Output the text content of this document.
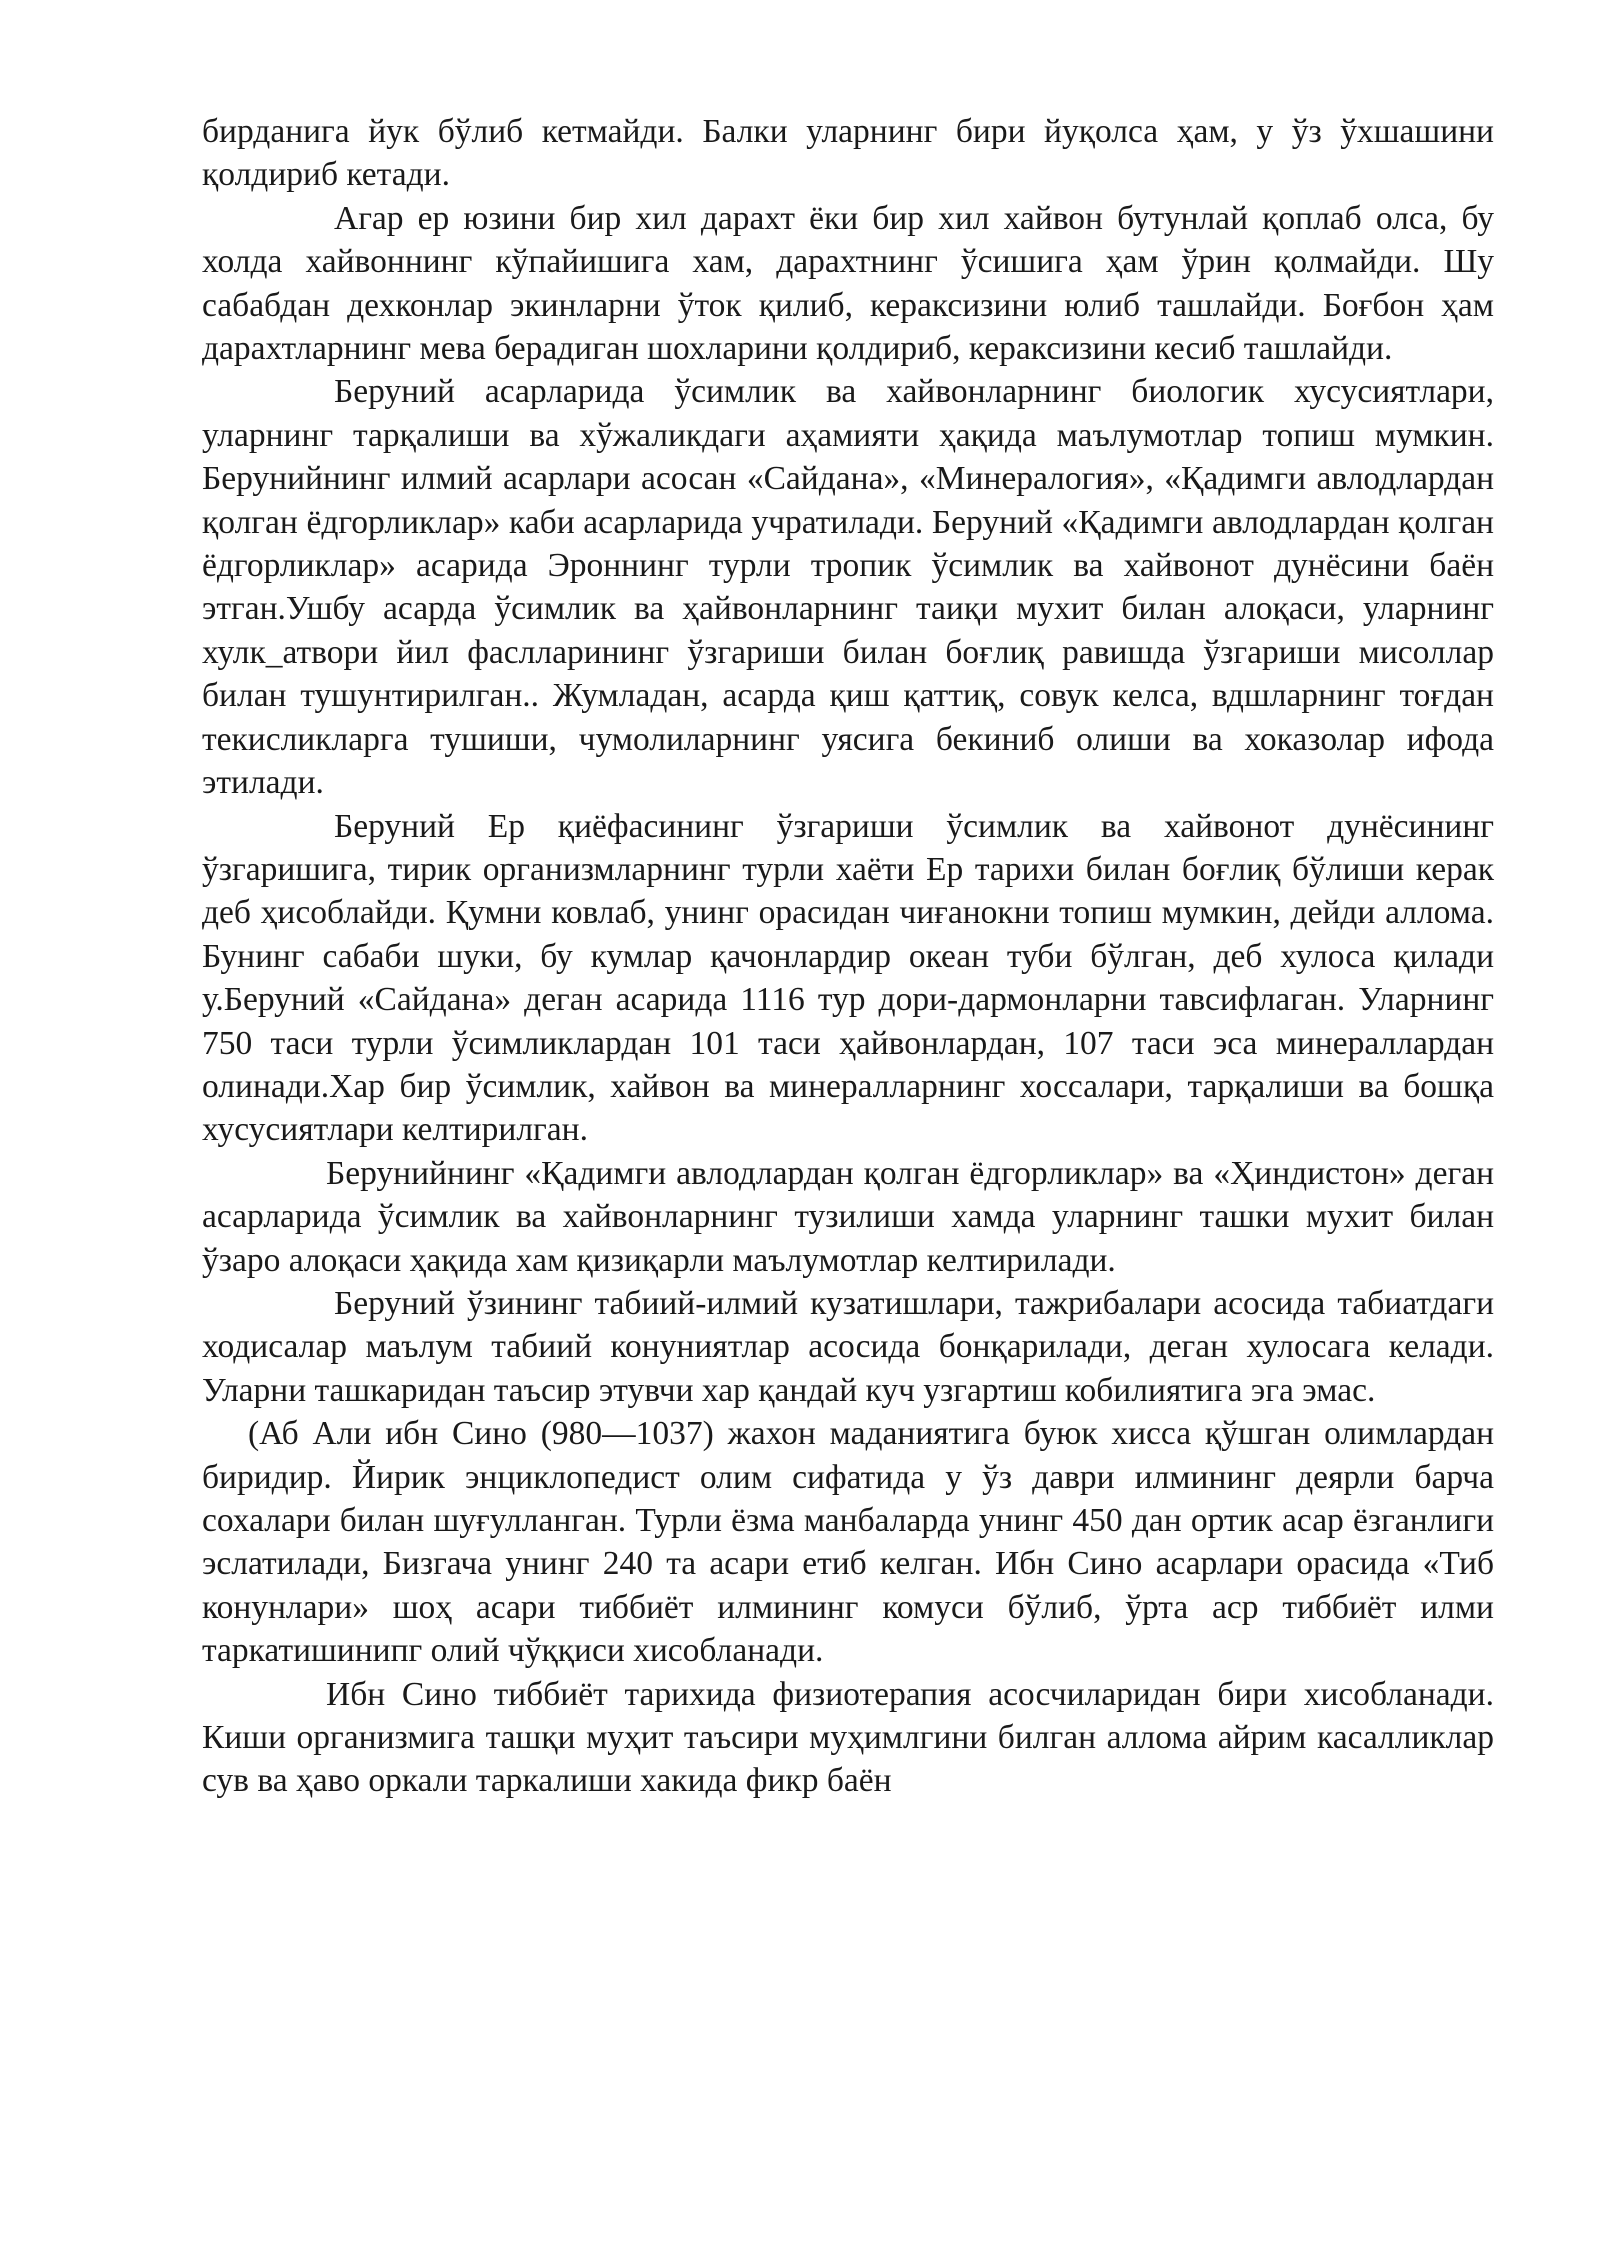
бирданига йук бўлиб кетмайди. Балки уларнинг бири йуқолса ҳам, у ўз ўхшашини қолдириб кетади.

Агар ер юзини бир хил дарахт ёки бир хил хайвон бутунлай қоплаб олса, бу холда хайвоннинг кўпайишига хам, дарахтнинг ўсишига ҳам ўрин қолмайди. Шу сабабдан дехконлар экинларни ўток қилиб, кераксизини юлиб ташлайди. Боғбон ҳам дарахтларнинг мева берадиган шохларини қолдириб, кераксизини кесиб ташлайди.

Беруний асарларида ўсимлик ва хайвонларнинг биологик хусусиятлари, уларнинг тарқалиши ва хўжаликдаги аҳамияти ҳақида маълумотлар топиш мумкин. Берунийнинг илмий асарлари асосан «Сайдана», «Минералогия», «Қадимги авлодлардан қолган ёдгорликлар» каби асарларида учратилади. Беруний «Қадимги авлодлардан қолган ёдгорликлар» асарида Эроннинг турли тропик ўсимлик ва хайвонот дунёсини баён этган.Ушбу асарда ўсимлик ва ҳайвонларнинг таиқи мухит билан алоқаси, уларнинг хулк_атвори йил фаслларининг ўзгариши билан боғлиқ равишда ўзгариши мисоллар билан тушунтирилган.. Жумладан, асарда қиш қаттиқ, совук келса, вдшларнинг тоғдан текисликларга тушиши, чумолиларнинг уясига бекиниб олиши ва хоказолар ифода этилади.

Беруний Ер қиёфасининг ўзгариши ўсимлик ва хайвонот дунёсининг ўзгаришига, тирик организмларнинг турли хаёти Ер тарихи билан боғлиқ бўлиши керак деб ҳисоблайди. Қумни ковлаб, унинг орасидан чиғанокни топиш мумкин, дейди аллома. Бунинг сабаби шуки, бу кумлар қачонлардир океан туби бўлган, деб хулоса қилади у.Беруний «Сайдана» деган асарида 1116 тур дори-дармонларни тавсифлаган. Уларнинг 750 таси турли ўсимликлардан 101 таси ҳайвонлардан, 107 таси эса минераллардан олинади.Хар бир ўсимлик, хайвон ва минералларнинг хоссалари, тарқалиши ва бошқа хусусиятлари келтирилган.

Берунийнинг «Қадимги авлодлардан қолган ёдгорликлар» ва «Ҳиндистон» деган асарларида ўсимлик ва хайвонларнинг тузилиши хамда уларнинг ташки мухит билан ўзаро алоқаси ҳақида хам қизиқарли маълумотлар келтирилади.

Беруний ўзининг табиий-илмий кузатишлари, тажрибалари асосида табиатдаги ходисалар маълум табиий конуниятлар асосида бонқарилади, деган хулосага келади. Уларни ташкаридан таъсир этувчи хар қандай куч узгартиш кобилиятига эга эмас.

(Аб Али ибн Сино (980—1037) жахон маданиятига буюк хисса қўшган олимлардан биридир. Йирик энциклопедист олим сифатида у ўз даври илмининг деярли барча сохалари билан шуғулланган. Турли ёзма манбаларда унинг 450 дан ортик асар ёзганлиги эслатилади, Бизгача унинг 240 та асари етиб келган. Ибн Сино асарлари орасида «Тиб конунлари» шоҳ асари тиббиёт илмининг комуси бўлиб, ўрта аср тиббиёт илми таркатишинипг олий чўққиси хисобланади.

Ибн Сино тиббиёт тарихида физиотерапия асосчиларидан бири хисобланади. Киши организмига ташқи муҳит таъсири муҳимлгини билган аллома айрим касалликлар сув ва ҳаво оркали таркалиши хакида фикр баён
